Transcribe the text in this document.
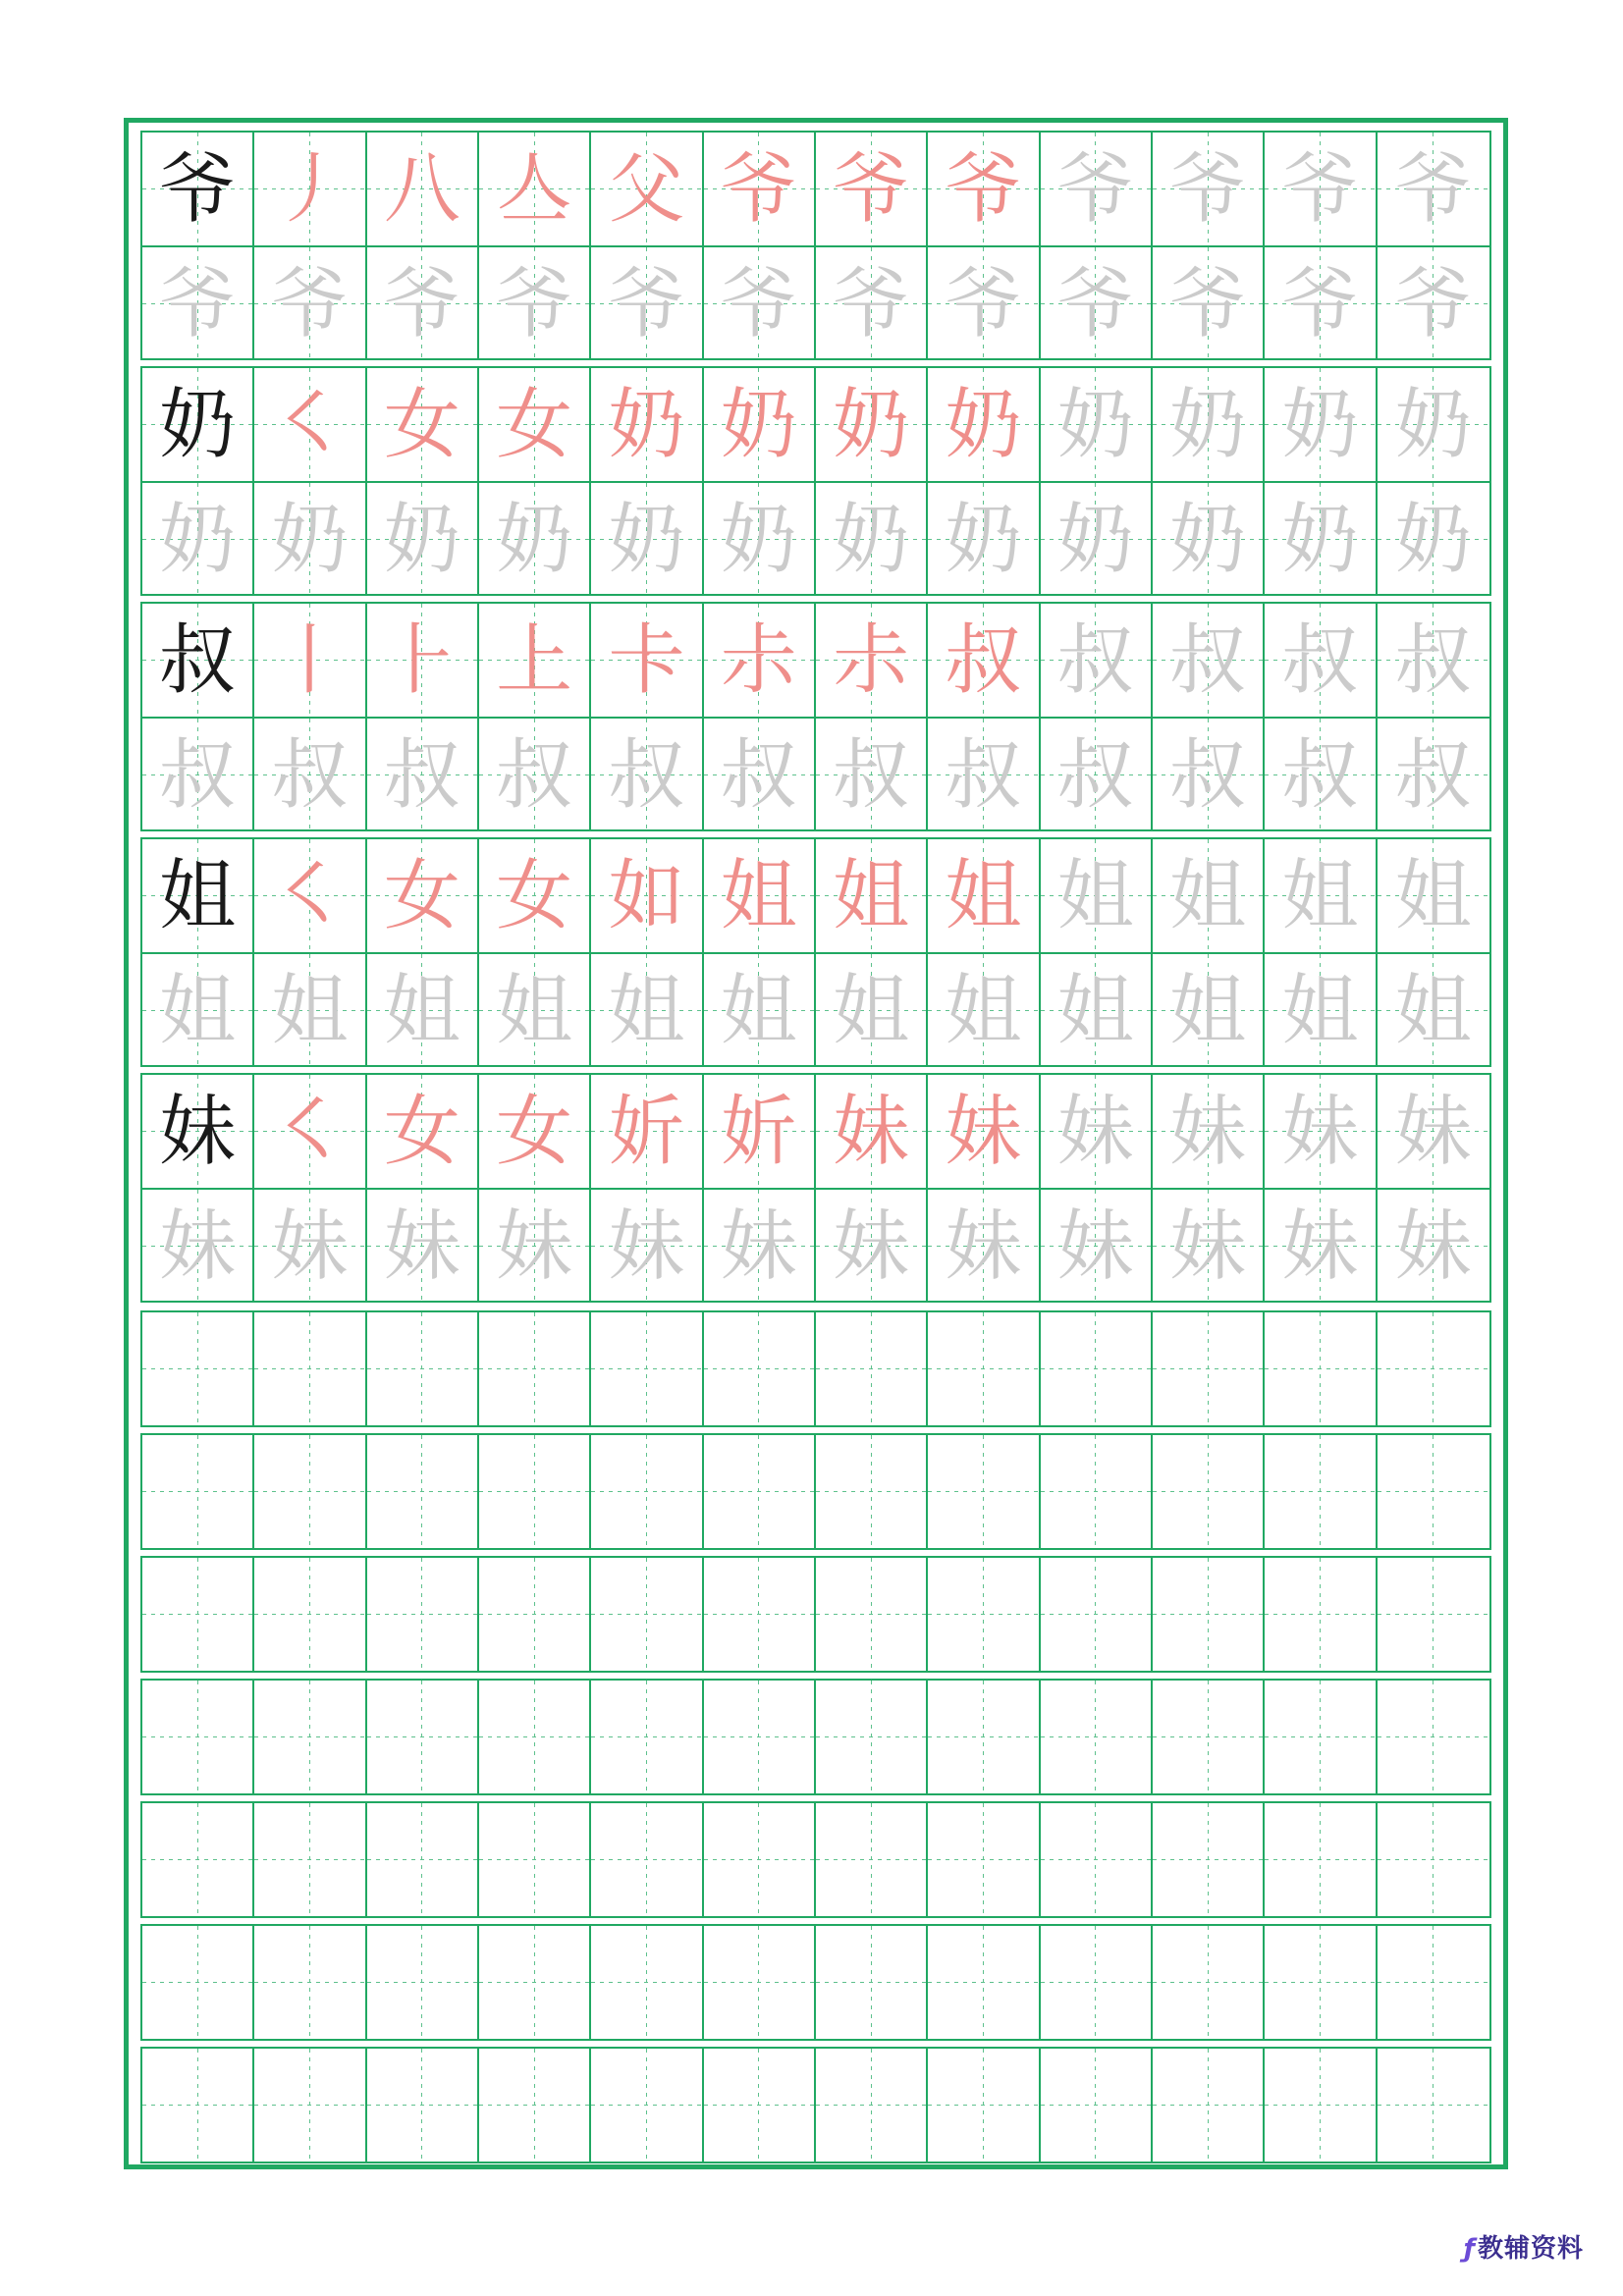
爷 丿 八 亼 父 爷 爷 爷 爷 爷 爷 爷
爷 爷 爷 爷 爷 爷 爷 爷 爷 爷 爷 爷
奶 ㇛ 女 女 奶 奶 奶 奶 奶 奶 奶 奶
奶 奶 奶 奶 奶 奶 奶 奶 奶 奶 奶 奶
叔 丨 ⺊ 上 卡 尗 尗 叔 叔 叔 叔 叔
叔 叔 叔 叔 叔 叔 叔 叔 叔 叔 叔 叔
姐 ㇛ 女 女 如 姐 姐 姐 姐 姐 姐 姐
姐 姐 姐 姐 姐 姐 姐 姐 姐 姐 姐 姐
妹 ㇛ 女 女 妡 妡 妹 妹 妹 妹 妹 妹
妹 妹 妹 妹 妹 妹 妹 妹 妹 妹 妹 妹
ƒ教辅资料
